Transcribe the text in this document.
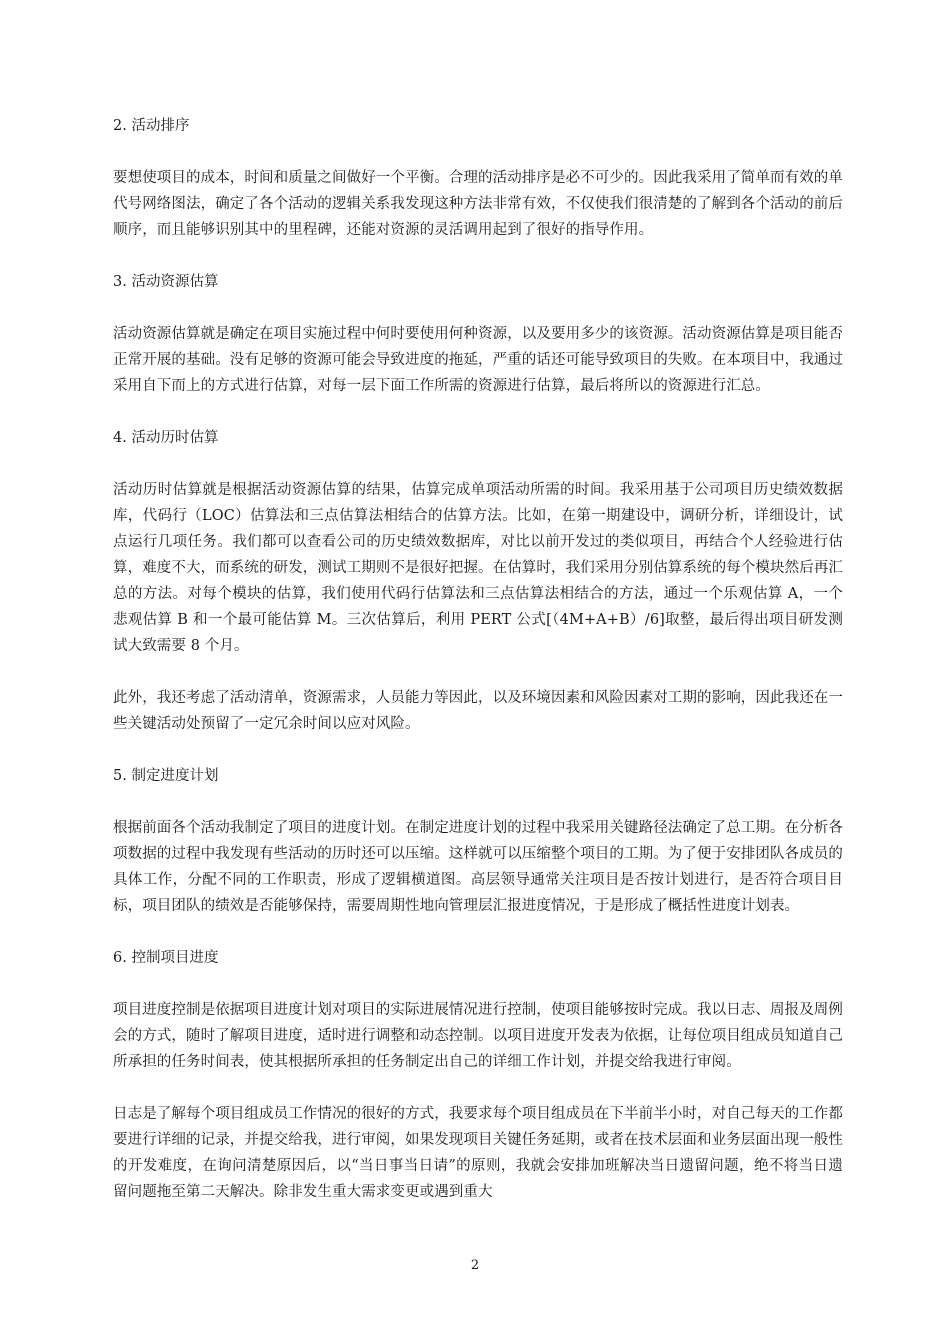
2. 活动排序
要想使项目的成本，时间和质量之间做好一个平衡。合理的活动排序是必不可少的。因此我采用了简单而有效的单代号网络图法，确定了各个活动的逻辑关系我发现这种方法非常有效，不仅使我们很清楚的了解到各个活动的前后顺序，而且能够识别其中的里程碑，还能对资源的灵活调用起到了很好的指导作用。
3. 活动资源估算
活动资源估算就是确定在项目实施过程中何时要使用何种资源，以及要用多少的该资源。活动资源估算是项目能否正常开展的基础。没有足够的资源可能会导致进度的拖延，严重的话还可能导致项目的失败。在本项目中，我通过采用自下而上的方式进行估算，对每一层下面工作所需的资源进行估算，最后将所以的资源进行汇总。
4. 活动历时估算
活动历时估算就是根据活动资源估算的结果，估算完成单项活动所需的时间。我采用基于公司项目历史绩效数据库，代码行（LOC）估算法和三点估算法相结合的估算方法。比如，在第一期建设中，调研分析，详细设计，试点运行几项任务。我们都可以查看公司的历史绩效数据库，对比以前开发过的类似项目，再结合个人经验进行估算，难度不大，而系统的研发，测试工期则不是很好把握。在估算时，我们采用分别估算系统的每个模块然后再汇总的方法。对每个模块的估算，我们使用代码行估算法和三点估算法相结合的方法，通过一个乐观估算 A，一个悲观估算 B 和一个最可能估算 M。三次估算后，利用 PERT 公式[（4M+A+B）/6]取整，最后得出项目研发测试大致需要 8 个月。
此外，我还考虑了活动清单，资源需求，人员能力等因此，以及环境因素和风险因素对工期的影响，因此我还在一些关键活动处预留了一定冗余时间以应对风险。
5. 制定进度计划
根据前面各个活动我制定了项目的进度计划。在制定进度计划的过程中我采用关键路径法确定了总工期。在分析各项数据的过程中我发现有些活动的历时还可以压缩。这样就可以压缩整个项目的工期。为了便于安排团队各成员的具体工作，分配不同的工作职责，形成了逻辑横道图。高层领导通常关注项目是否按计划进行，是否符合项目目标，项目团队的绩效是否能够保持，需要周期性地向管理层汇报进度情况，于是形成了概括性进度计划表。
6. 控制项目进度
项目进度控制是依据项目进度计划对项目的实际进展情况进行控制，使项目能够按时完成。我以日志、周报及周例会的方式，随时了解项目进度，适时进行调整和动态控制。以项目进度开发表为依据，让每位项目组成员知道自己所承担的任务时间表，使其根据所承担的任务制定出自己的详细工作计划，并提交给我进行审阅。
日志是了解每个项目组成员工作情况的很好的方式，我要求每个项目组成员在下半前半小时，对自己每天的工作都要进行详细的记录，并提交给我，进行审阅，如果发现项目关键任务延期，或者在技术层面和业务层面出现一般性的开发难度，在询问清楚原因后，以“当日事当日请”的原则，我就会安排加班解决当日遗留问题，绝不将当日遗留问题拖至第二天解决。除非发生重大需求变更或遇到重大
2
